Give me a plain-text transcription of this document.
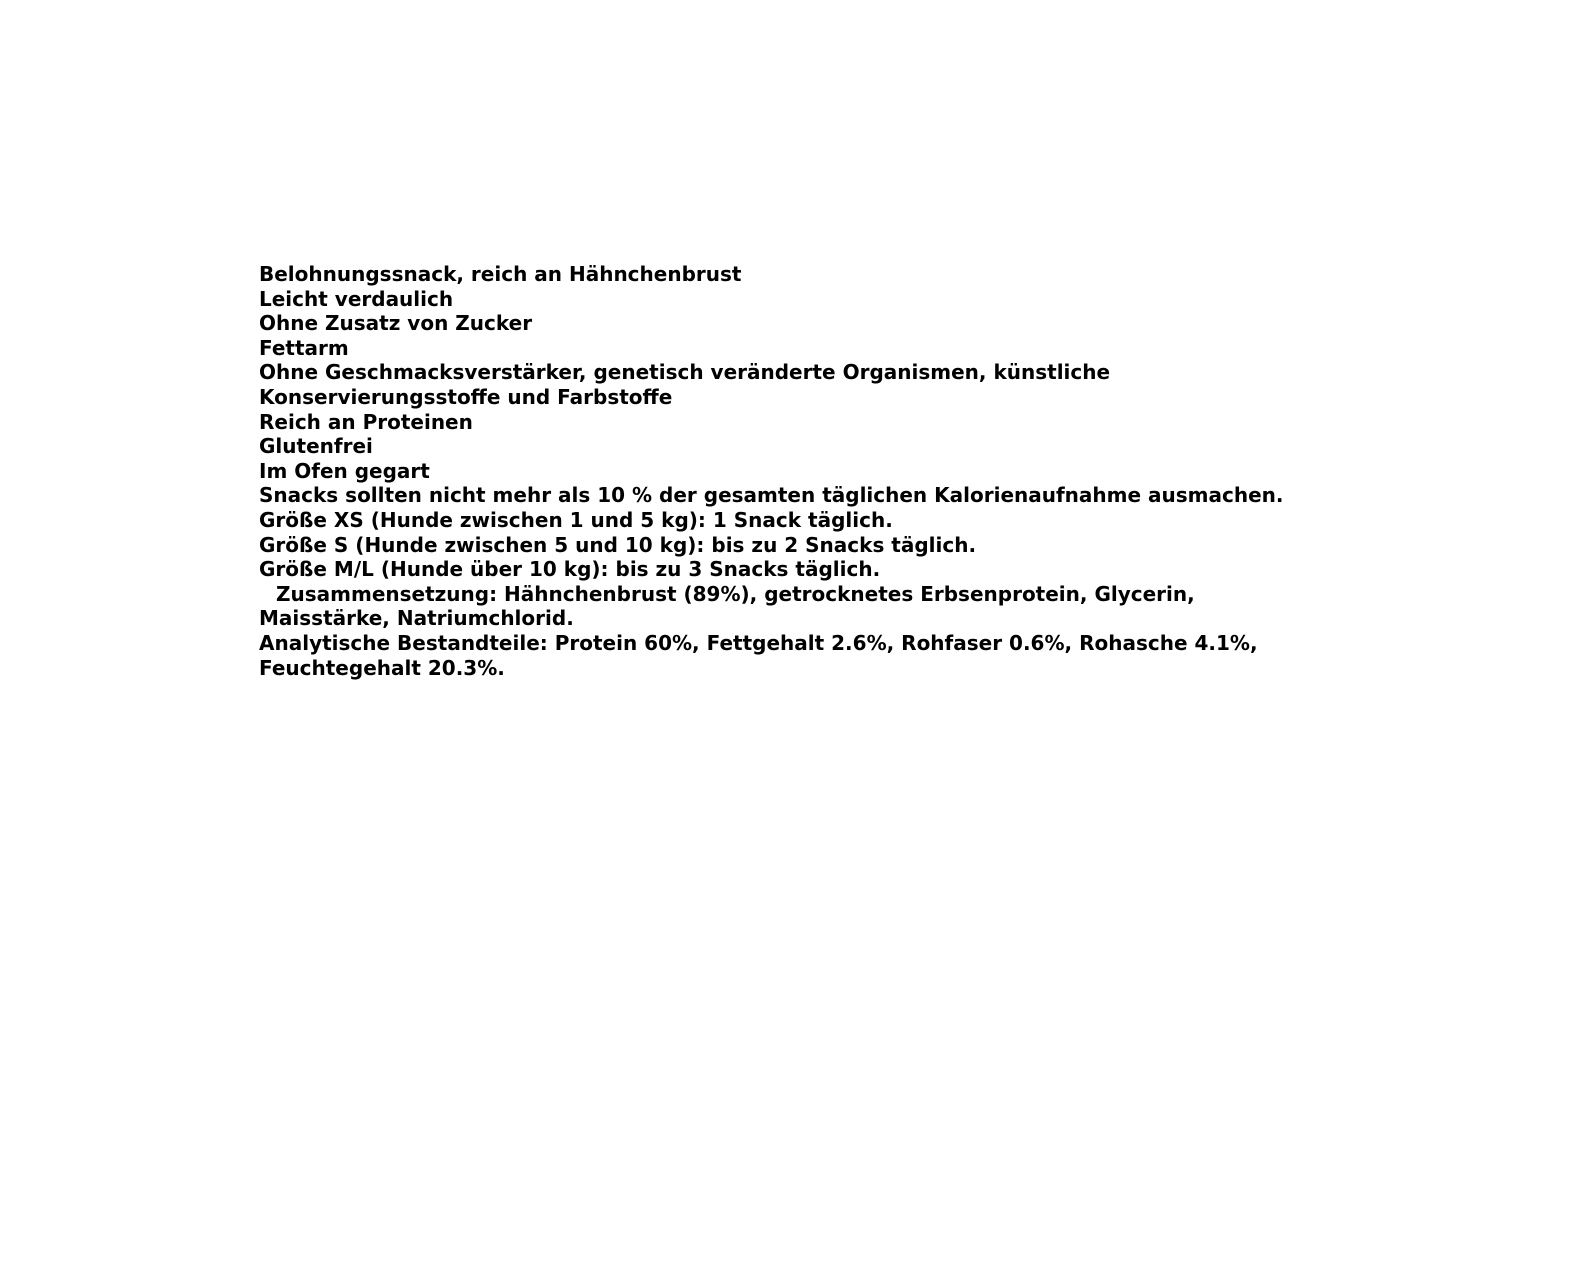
Belohnungssnack, reich an Hähnchenbrust
Leicht verdaulich
Ohne Zusatz von Zucker
Fettarm
Ohne Geschmacksverstärker, genetisch veränderte Organismen, künstliche
Konservierungsstoffe und Farbstoffe
Reich an Proteinen
Glutenfrei
Im Ofen gegart
Snacks sollten nicht mehr als 10 % der gesamten täglichen Kalorienaufnahme ausmachen.
Größe XS (Hunde zwischen 1 und 5 kg): 1 Snack täglich.
Größe S (Hunde zwischen 5 und 10 kg): bis zu 2 Snacks täglich.
Größe M/L (Hunde über 10 kg): bis zu 3 Snacks täglich.
Zusammensetzung: Hähnchenbrust (89%), getrocknetes Erbsenprotein, Glycerin, Maisstärke, Natriumchlorid.
Analytische Bestandteile: Protein 60%, Fettgehalt 2.6%, Rohfaser 0.6%, Rohasche 4.1%, Feuchtegehalt 20.3%.
